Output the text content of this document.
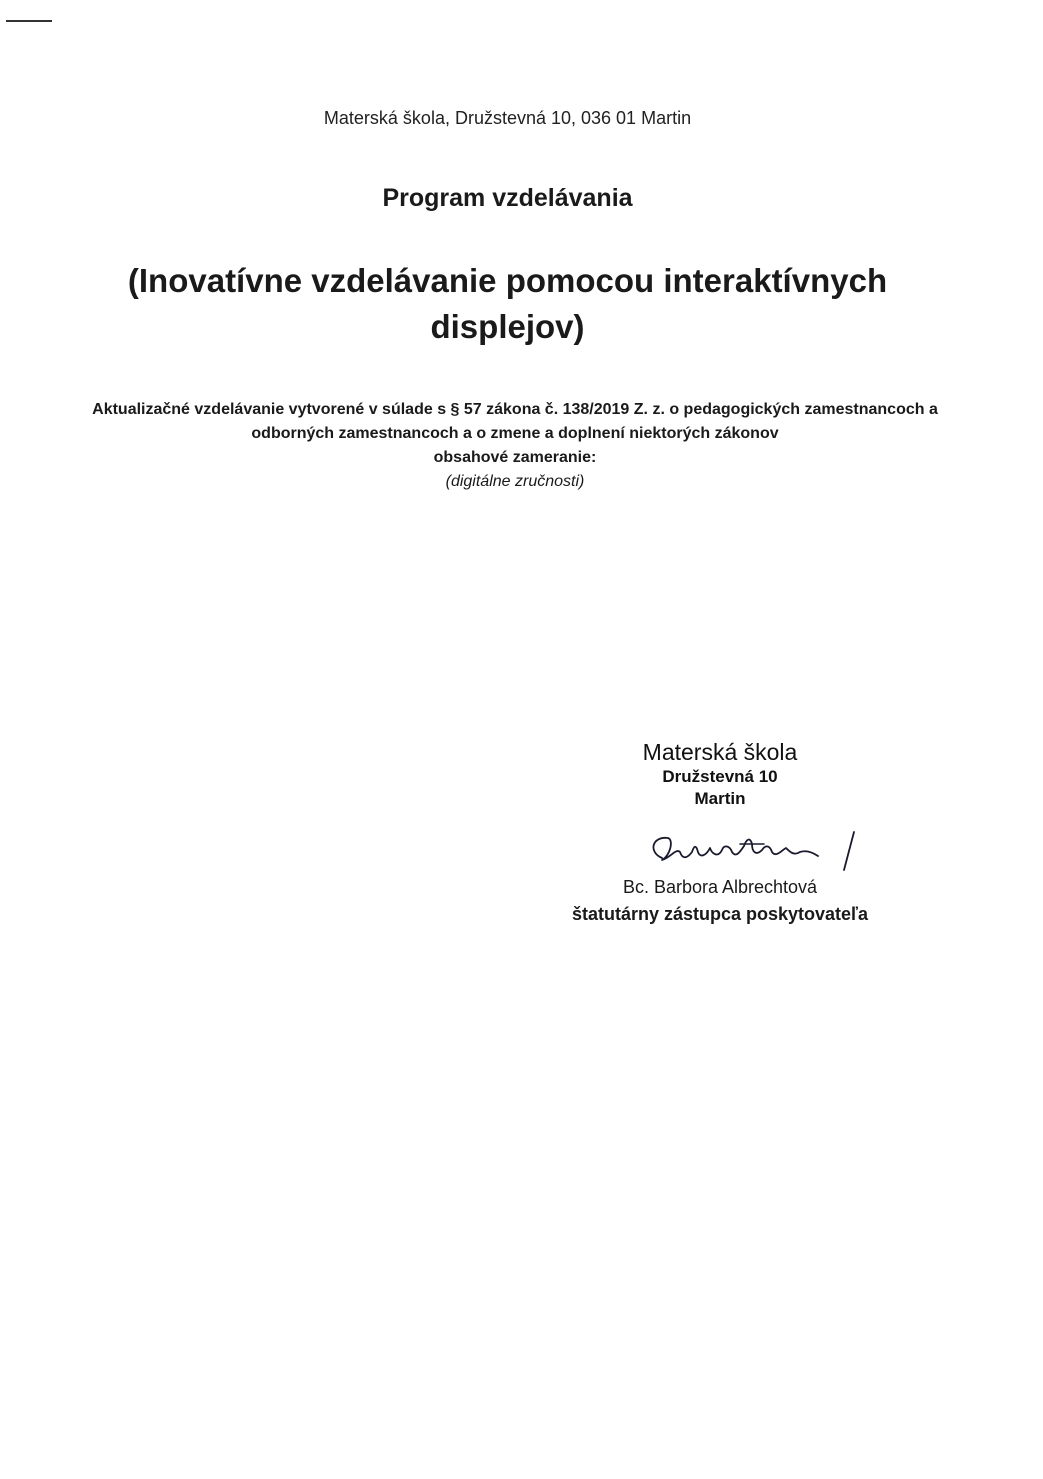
Materská škola, Družstevná 10, 036 01 Martin
Program vzdelávania
(Inovatívne vzdelávanie pomocou interaktívnych displejov)
Aktualizačné vzdelávanie vytvorené v súlade s § 57 zákona č. 138/2019 Z. z. o pedagogických zamestnancoch a odborných zamestnancoch a o zmene a doplnení niektorých zákonov
obsahové zameranie:
(digitálne zručnosti)
Materská škola
Družstevná 10
Martin
Bc. Barbora Albrechtová
štatutárny zástupca poskytovateľa
